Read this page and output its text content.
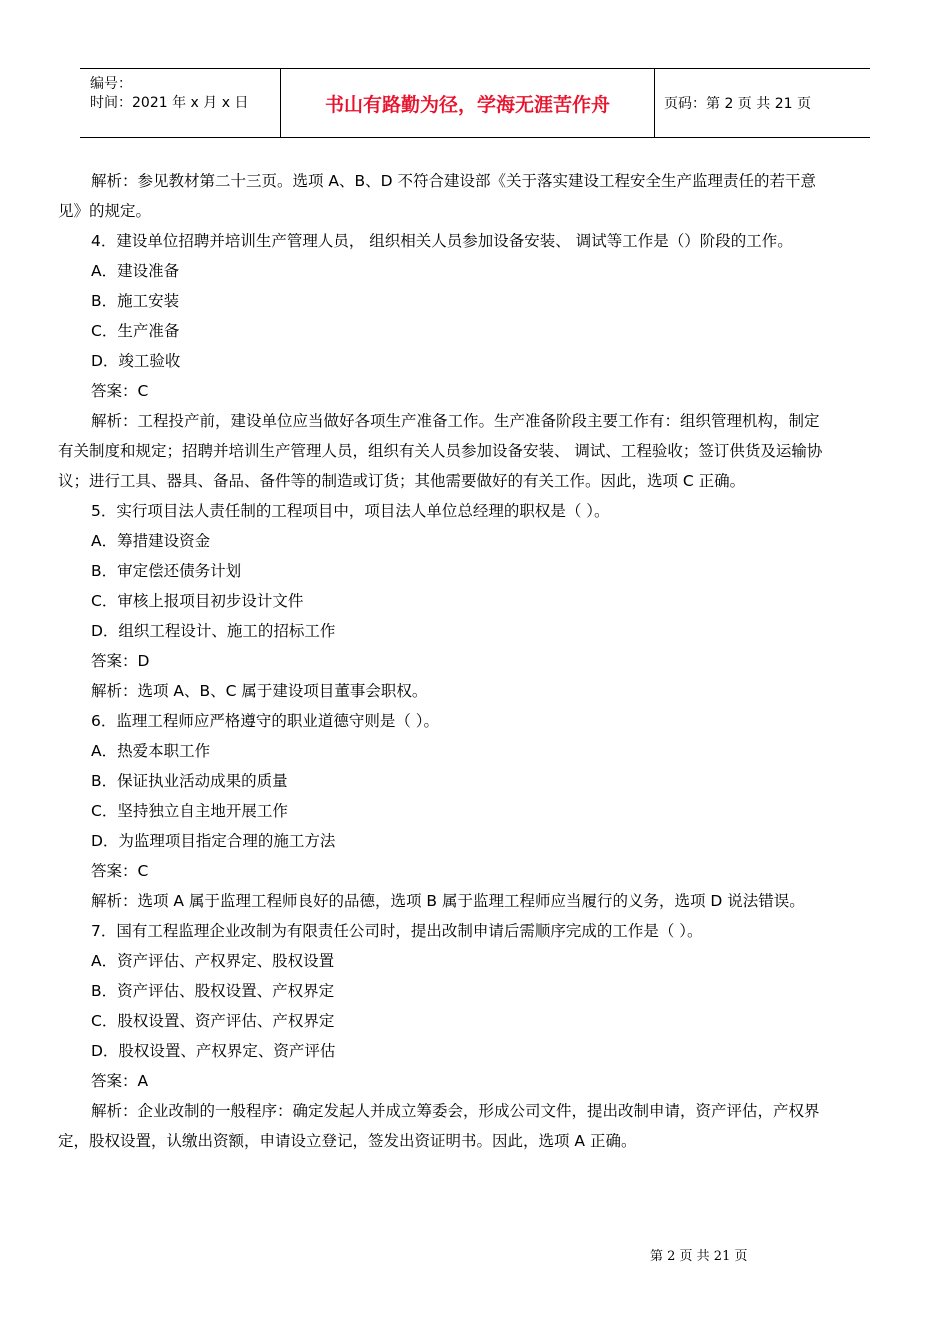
编号：
时间：2021 年 x 月 x 日	书山有路勤为径，学海无涯苦作舟	页码：第 2 页 共 21 页
解析：参见教材第二十三页。选项 A、B、D 不符合建设部《关于落实建设工程安全生产监理责任的若干意
见》的规定。
4．建设单位招聘并培训生产管理人员， 组织相关人员参加设备安装、 调试等工作是（）阶段的工作。
A．建设准备
B．施工安装
C．生产准备
D．竣工验收
答案：C
解析：工程投产前，建设单位应当做好各项生产准备工作。生产准备阶段主要工作有：组织管理机构，制定
有关制度和规定；招聘并培训生产管理人员，组织有关人员参加设备安装、 调试、工程验收；签订供货及运输协
议；进行工具、器具、备品、备件等的制造或订货；其他需要做好的有关工作。因此，选项 C 正确。
5．实行项目法人责任制的工程项目中，项目法人单位总经理的职权是（ ）。
A．筹措建设资金
B．审定偿还债务计划
C．审核上报项目初步设计文件
D．组织工程设计、施工的招标工作
答案：D
解析：选项 A、B、C 属于建设项目董事会职权。
6．监理工程师应严格遵守的职业道德守则是（ ）。
A．热爱本职工作
B．保证执业活动成果的质量
C．坚持独立自主地开展工作
D．为监理项目指定合理的施工方法
答案：C
解析：选项 A 属于监理工程师良好的品德，选项 B 属于监理工程师应当履行的义务，选项 D 说法错误。
7．国有工程监理企业改制为有限责任公司时，提出改制申请后需顺序完成的工作是（ ）。
A．资产评估、产权界定、股权设置
B．资产评估、股权设置、产权界定
C．股权设置、资产评估、产权界定
D．股权设置、产权界定、资产评估
答案：A
解析：企业改制的一般程序：确定发起人并成立筹委会，形成公司文件，提出改制申请，资产评估，产权界
定，股权设置，认缴出资额，申请设立登记，签发出资证明书。因此，选项 A 正确。
第 2 页 共 21 页
